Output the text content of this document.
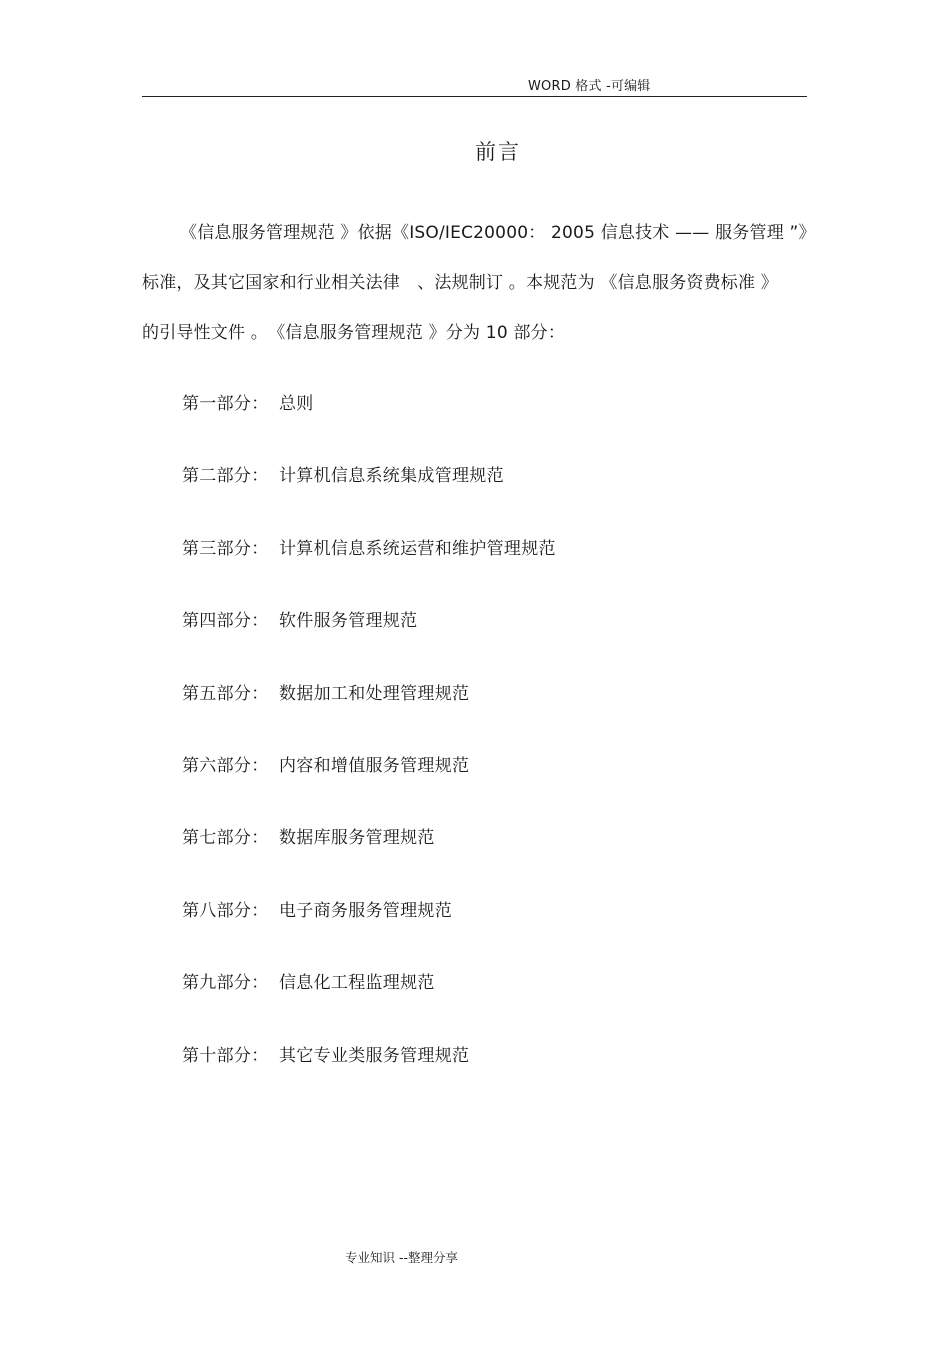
WORD 格式 -可编辑
前言
《信息服务管理规范 》依据《ISO/IEC20000： 2005 信息技术 —— 服务管理 ”》
标准，及其它国家和行业相关法律　、法规制订 。本规范为 《信息服务资费标准 》
的引导性文件 。　《信息服务管理规范 》分为 10 部分：
第一部分： 总则
第二部分： 计算机信息系统集成管理规范
第三部分： 计算机信息系统运营和维护管理规范
第四部分： 软件服务管理规范
第五部分： 数据加工和处理管理规范
第六部分： 内容和增值服务管理规范
第七部分： 数据库服务管理规范
第八部分： 电子商务服务管理规范
第九部分： 信息化工程监理规范
第十部分： 其它专业类服务管理规范
专业知识 --整理分享
